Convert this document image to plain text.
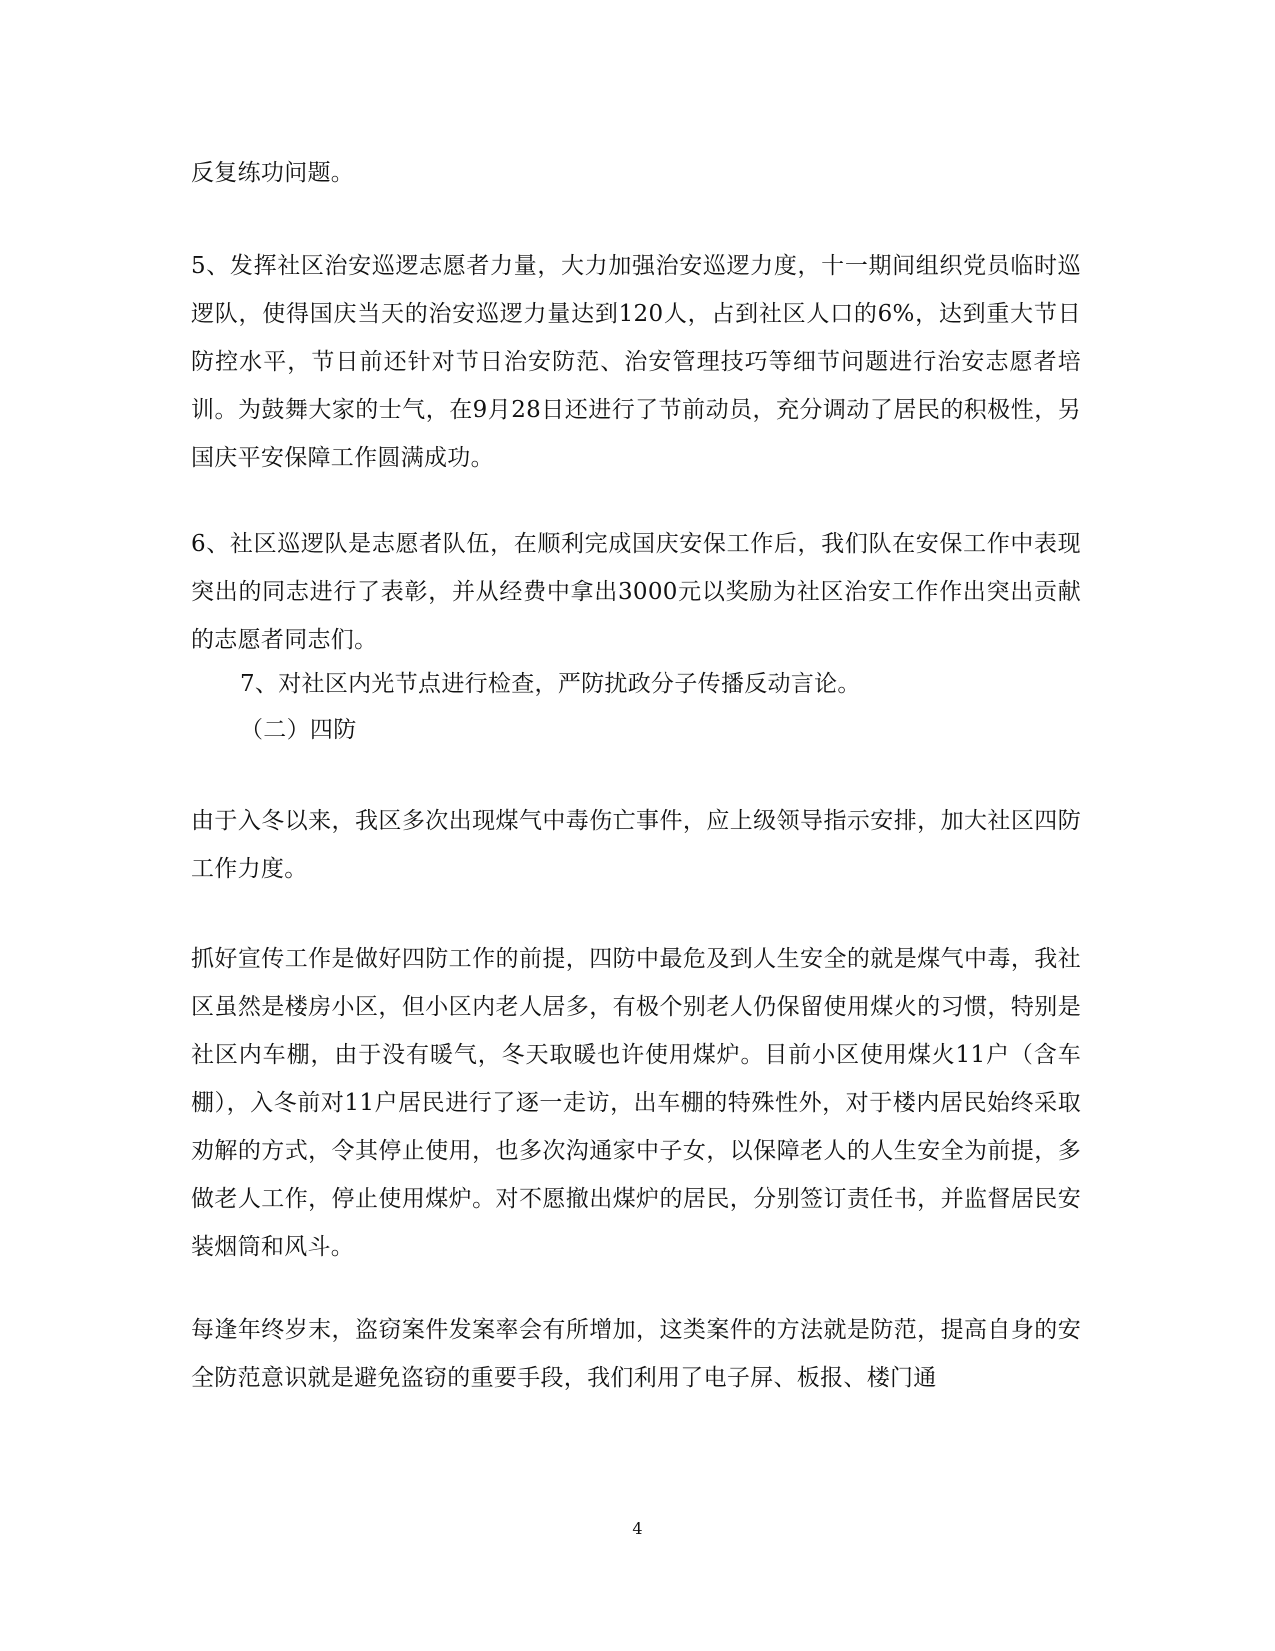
反复练功问题。

5、发挥社区治安巡逻志愿者力量，大力加强治安巡逻力度，十一期间组织党员临时巡逻队，使得国庆当天的治安巡逻力量达到120人，占到社区人口的6%，达到重大节日防控水平，节日前还针对节日治安防范、治安管理技巧等细节问题进行治安志愿者培训。为鼓舞大家的士气，在9月28日还进行了节前动员，充分调动了居民的积极性，另国庆平安保障工作圆满成功。

6、社区巡逻队是志愿者队伍，在顺利完成国庆安保工作后，我们队在安保工作中表现突出的同志进行了表彰，并从经费中拿出3000元以奖励为社区治安工作作出突出贡献的志愿者同志们。

7、对社区内光节点进行检查，严防扰政分子传播反动言论。

（二）四防

由于入冬以来，我区多次出现煤气中毒伤亡事件，应上级领导指示安排，加大社区四防工作力度。

抓好宣传工作是做好四防工作的前提，四防中最危及到人生安全的就是煤气中毒，我社区虽然是楼房小区，但小区内老人居多，有极个别老人仍保留使用煤火的习惯，特别是社区内车棚，由于没有暖气，冬天取暖也许使用煤炉。目前小区使用煤火11户（含车棚），入冬前对11户居民进行了逐一走访，出车棚的特殊性外，对于楼内居民始终采取劝解的方式，令其停止使用，也多次沟通家中子女，以保障老人的人生安全为前提，多做老人工作，停止使用煤炉。对不愿撤出煤炉的居民，分别签订责任书，并监督居民安装烟筒和风斗。

每逢年终岁末，盗窃案件发案率会有所增加，这类案件的方法就是防范，提高自身的安全防范意识就是避免盗窃的重要手段，我们利用了电子屏、板报、楼门通

4
